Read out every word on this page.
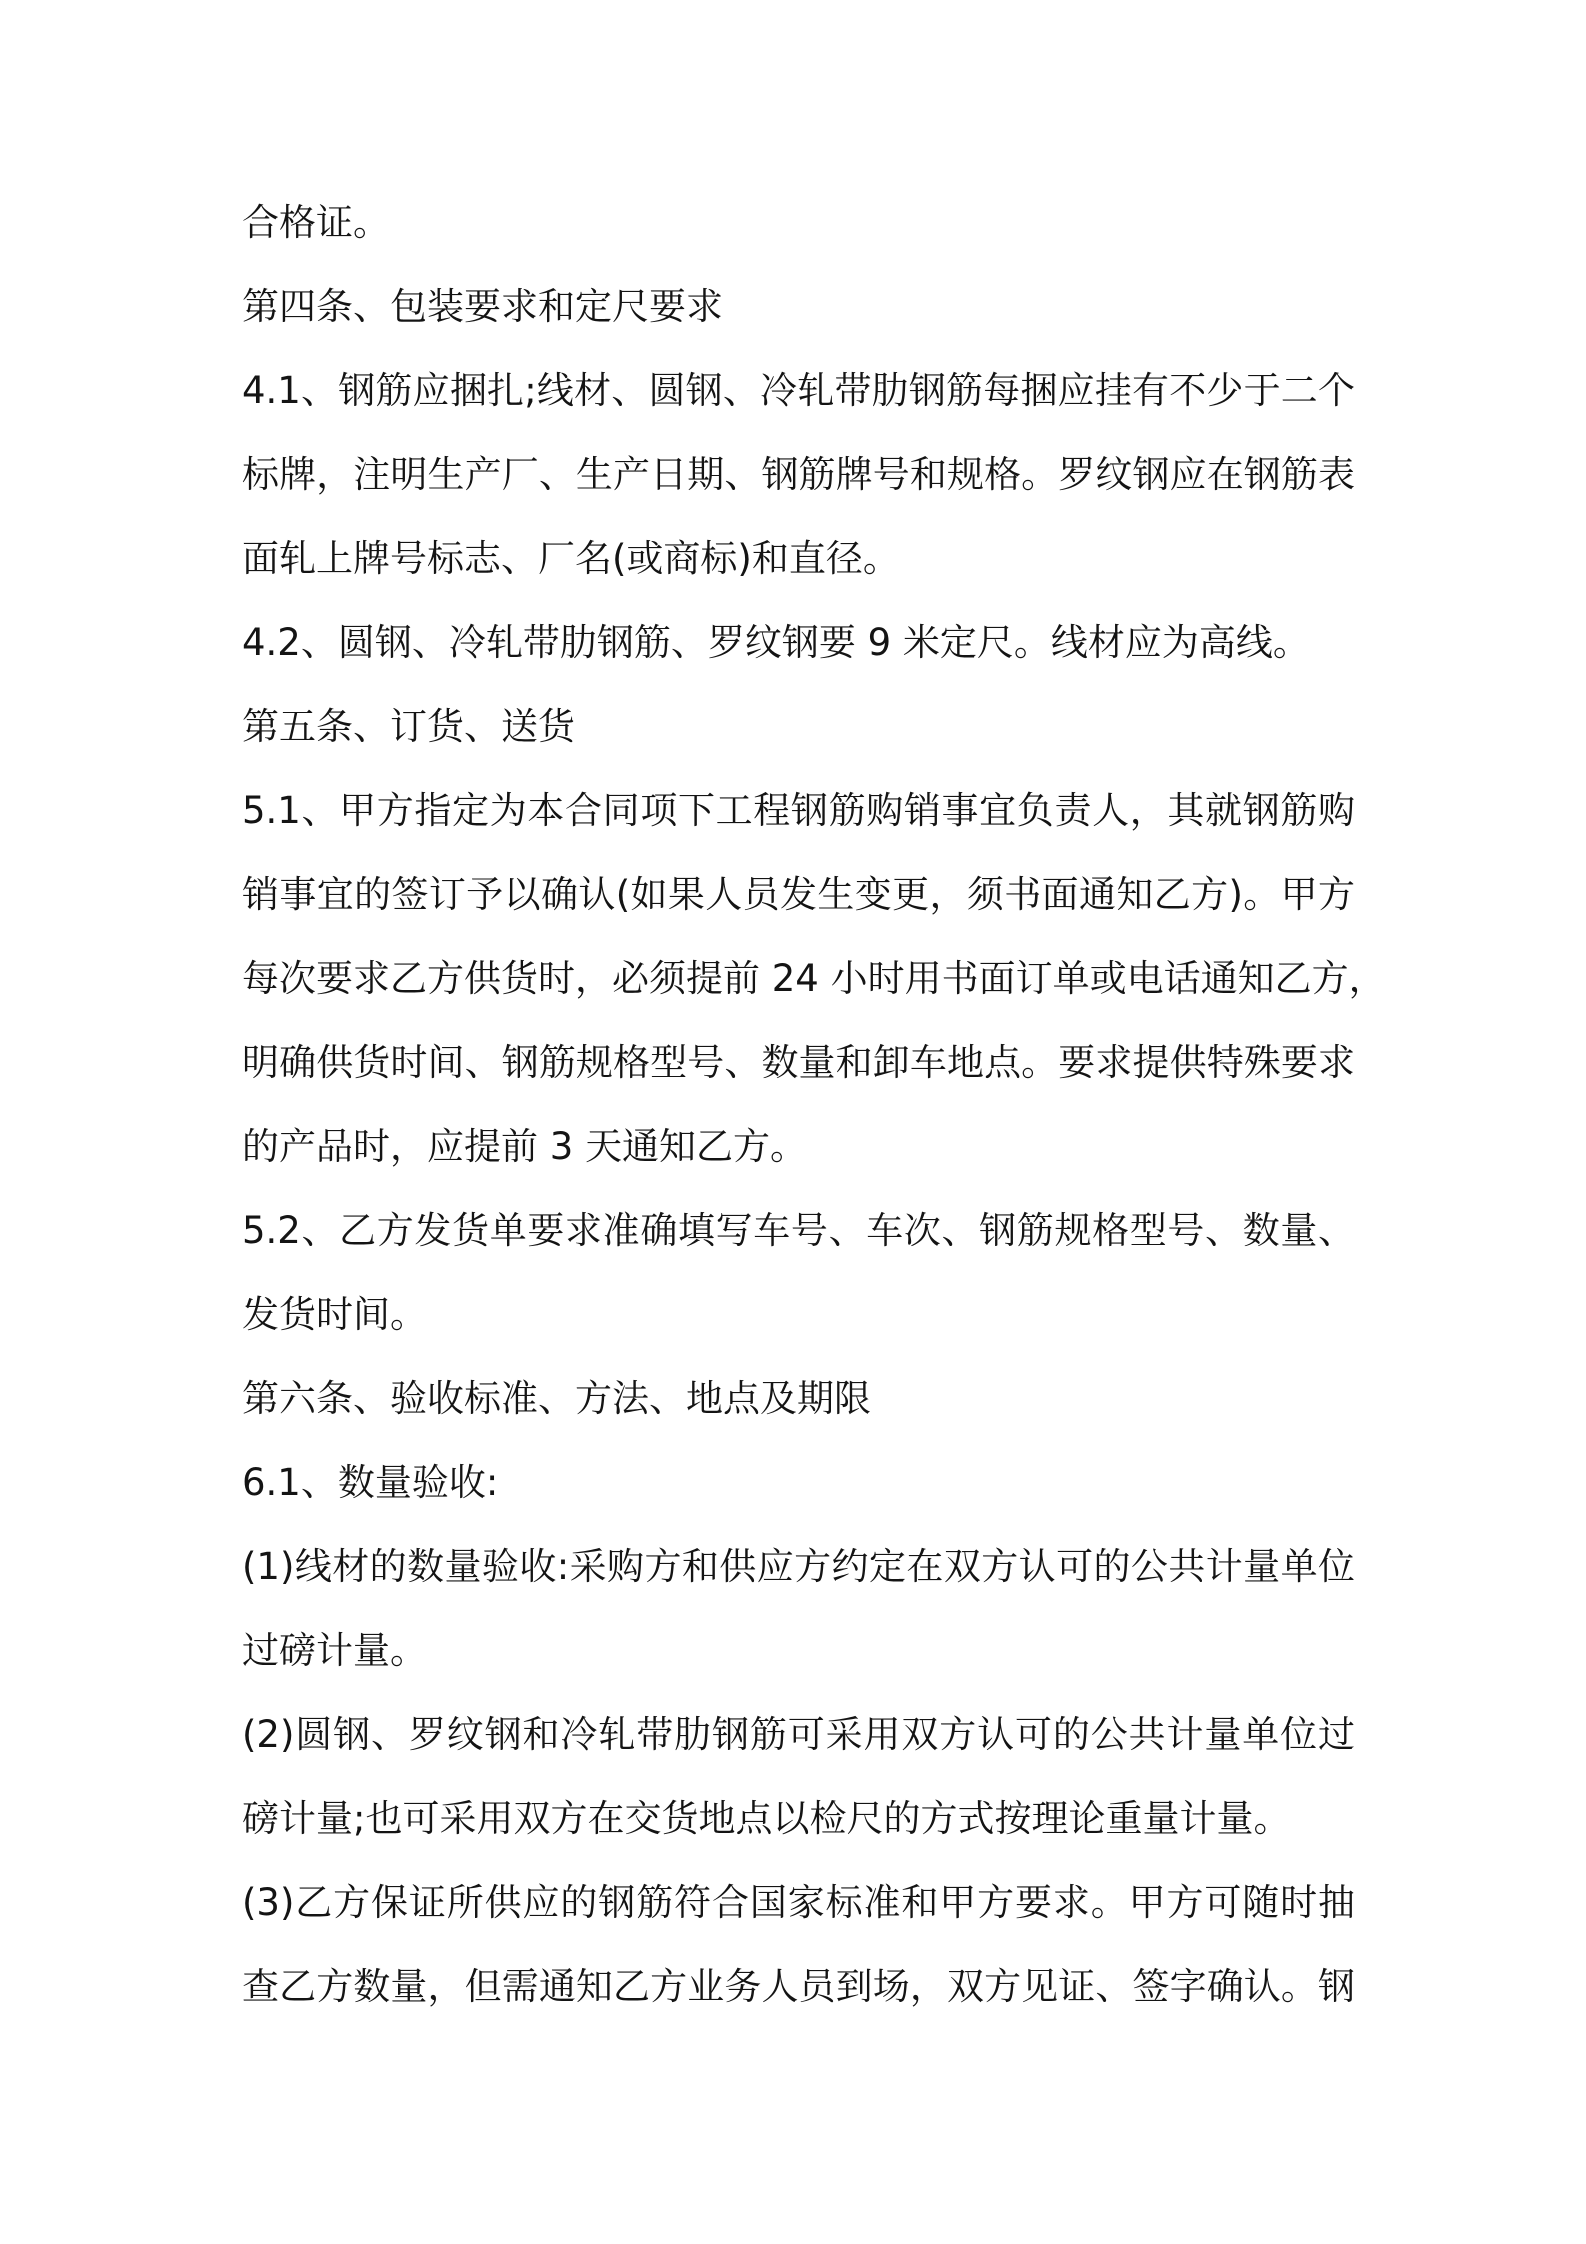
合格证。
第四条、包装要求和定尺要求
4.1、钢筋应捆扎;线材、圆钢、冷轧带肋钢筋每捆应挂有不少于二个
标牌，注明生产厂、生产日期、钢筋牌号和规格。罗纹钢应在钢筋表
面轧上牌号标志、厂名(或商标)和直径。
4.2、圆钢、冷轧带肋钢筋、罗纹钢要 9 米定尺。线材应为高线。
第五条、订货、送货
5.1、甲方指定为本合同项下工程钢筋购销事宜负责人，其就钢筋购
销事宜的签订予以确认(如果人员发生变更，须书面通知乙方)。甲方
每次要求乙方供货时，必须提前 24 小时用书面订单或电话通知乙方，
明确供货时间、钢筋规格型号、数量和卸车地点。要求提供特殊要求
的产品时，应提前 3 天通知乙方。
5.2、乙方发货单要求准确填写车号、车次、钢筋规格型号、数量、
发货时间。
第六条、验收标准、方法、地点及期限
6.1、数量验收:
(1)线材的数量验收:采购方和供应方约定在双方认可的公共计量单位
过磅计量。
(2)圆钢、罗纹钢和冷轧带肋钢筋可采用双方认可的公共计量单位过
磅计量;也可采用双方在交货地点以检尺的方式按理论重量计量。
(3)乙方保证所供应的钢筋符合国家标准和甲方要求。甲方可随时抽
查乙方数量，但需通知乙方业务人员到场，双方见证、签字确认。钢
